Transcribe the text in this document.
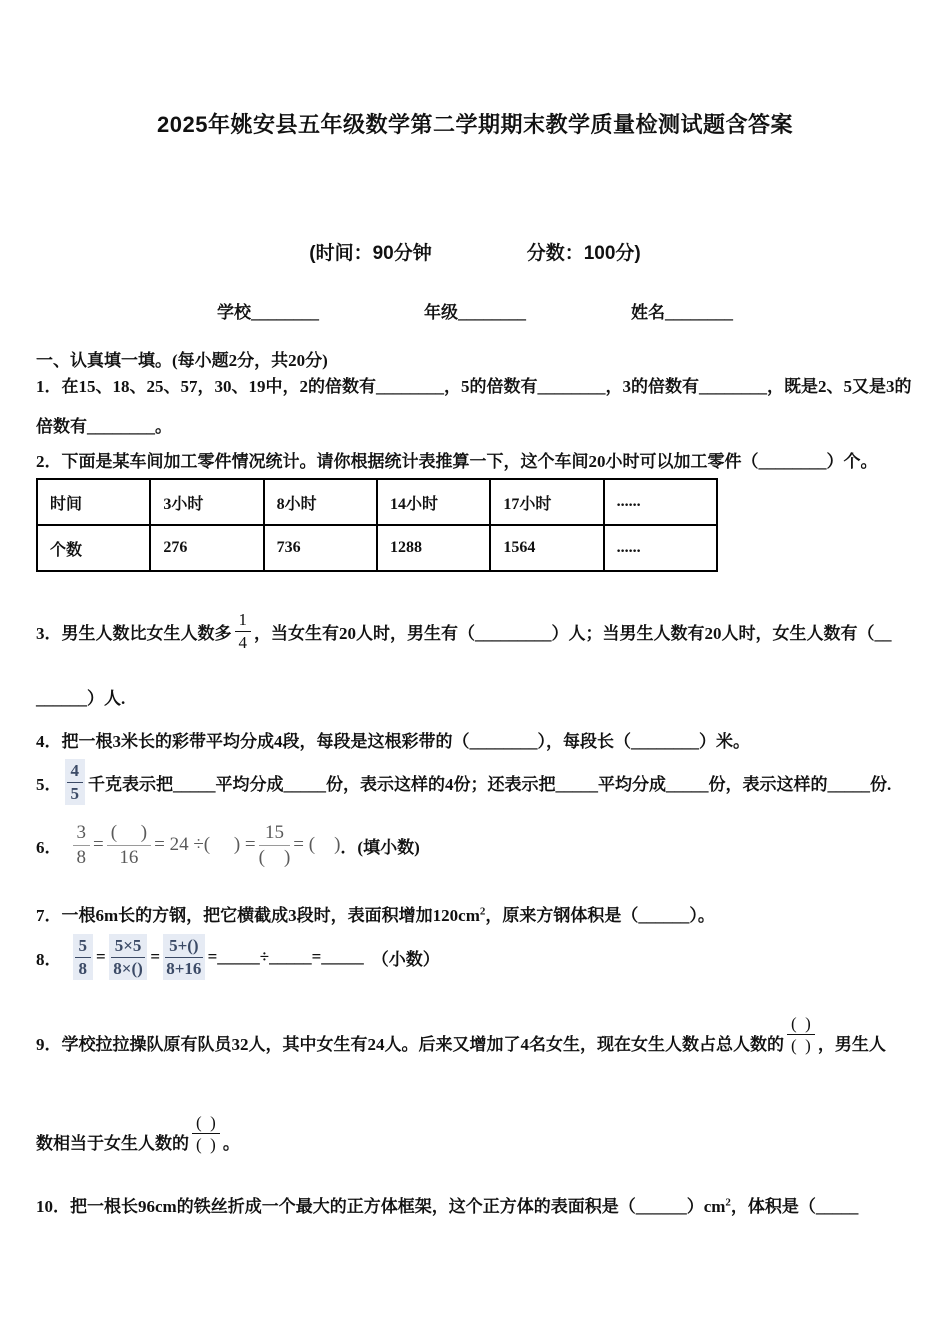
2025年姚安县五年级数学第二学期期末教学质量检测试题含答案
(时间：90分钟	分数：100分)
学校________	年级________	姓名________
一、认真填一填。(每小题2分，共20分)
1．在15、18、25、57，30、19中，2的倍数有________，5的倍数有________，3的倍数有________，既是2、5又是3的
倍数有________。
2．下面是某车间加工零件情况统计。请你根据统计表推算一下，这个车间20小时可以加工零件（________）个。
时间	3小时	8小时	14小时	17小时	......
个数	276	736	1288	1564	......
3．男生人数比女生人数多 $\frac{1}{4}$ ，当女生有20人时，男生有（_________）人；当男生人数有20人时，女生人数有（__
______）人.
4．把一根3米长的彩带平均分成4段，每段是这根彩带的（________），每段长（________）米。
5． $\frac{4}{5}$ 千克表示把_____平均分成_____份，表示这样的4份；还表示把_____平均分成_____份，表示这样的_____份.
6． $\frac{3}{8} = \frac{( )}{16} = 24$ ÷(     ) = $\frac{15}{( )}$ = (    ) ．(填小数)
7．一根6m长的方钢，把它横截成3段时，表面积增加$120cm^2$，原来方钢体积是（______）。
8． $\frac{5}{8} = \frac{5\times 5}{8\times()} = \frac{5+()}{8+16}$ =_____÷_____=_____ （小数）
9．学校拉拉操队原有队员32人，其中女生有24人。后来又增加了4名女生，现在女生人数占总人数的 $\frac{( )}{( )}$ ，男生人
数相当于女生人数的 $\frac{( )}{( )}$ 。
10．把一根长96cm的铁丝折成一个最大的正方体框架，这个正方体的表面积是$(\_\_\_\_\_\_)cm^2$，体积是（_____
